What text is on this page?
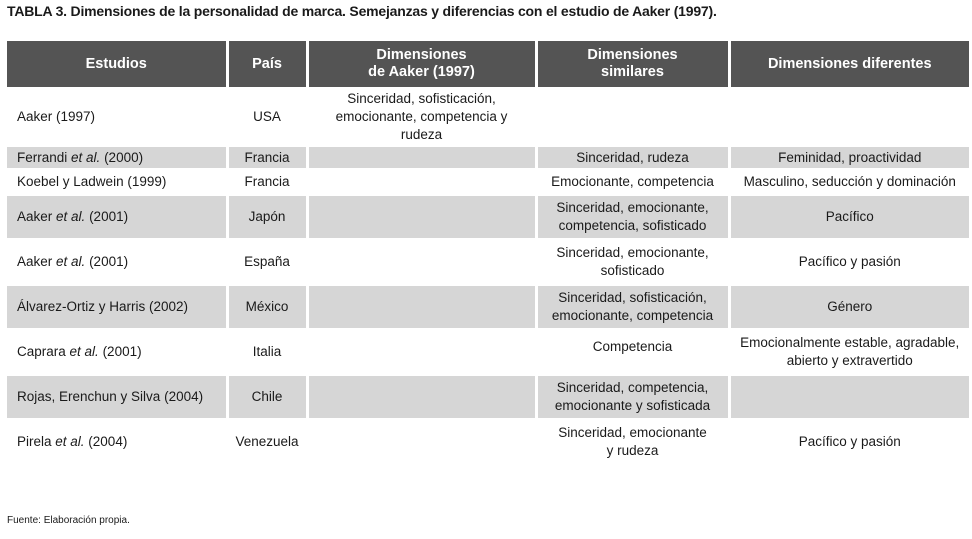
TABLA 3. Dimensiones de la personalidad de marca. Semejanzas y diferencias con el estudio de Aaker (1997).
Estudios	País	Dimensiones
de Aaker (1997)	Dimensiones
similares	Dimensiones diferentes
Aaker (1997)	USA	Sinceridad, sofisticación,
emocionante, competencia y rudeza		
Ferrandi et al. (2000)	Francia		Sinceridad, rudeza	Feminidad, proactividad
Koebel y Ladwein (1999)	Francia		Emocionante, competencia	Masculino, seducción y dominación
Aaker et al. (2001)	Japón		Sinceridad, emocionante,
competencia, sofisticado	Pacífico
Aaker et al. (2001)	España		Sinceridad, emocionante,
sofisticado	Pacífico y pasión
Álvarez-Ortiz y Harris (2002)	México		Sinceridad, sofisticación,
emocionante, competencia	Género
Caprara et al. (2001)	Italia		Competencia	Emocionalmente estable, agradable,
abierto y extravertido
Rojas, Erenchun y Silva (2004)	Chile		Sinceridad, competencia,
emocionante y sofisticada	
Pirela et al. (2004)	Venezuela		Sinceridad, emocionante
y rudeza	Pacífico y pasión
Fuente: Elaboración propia.
